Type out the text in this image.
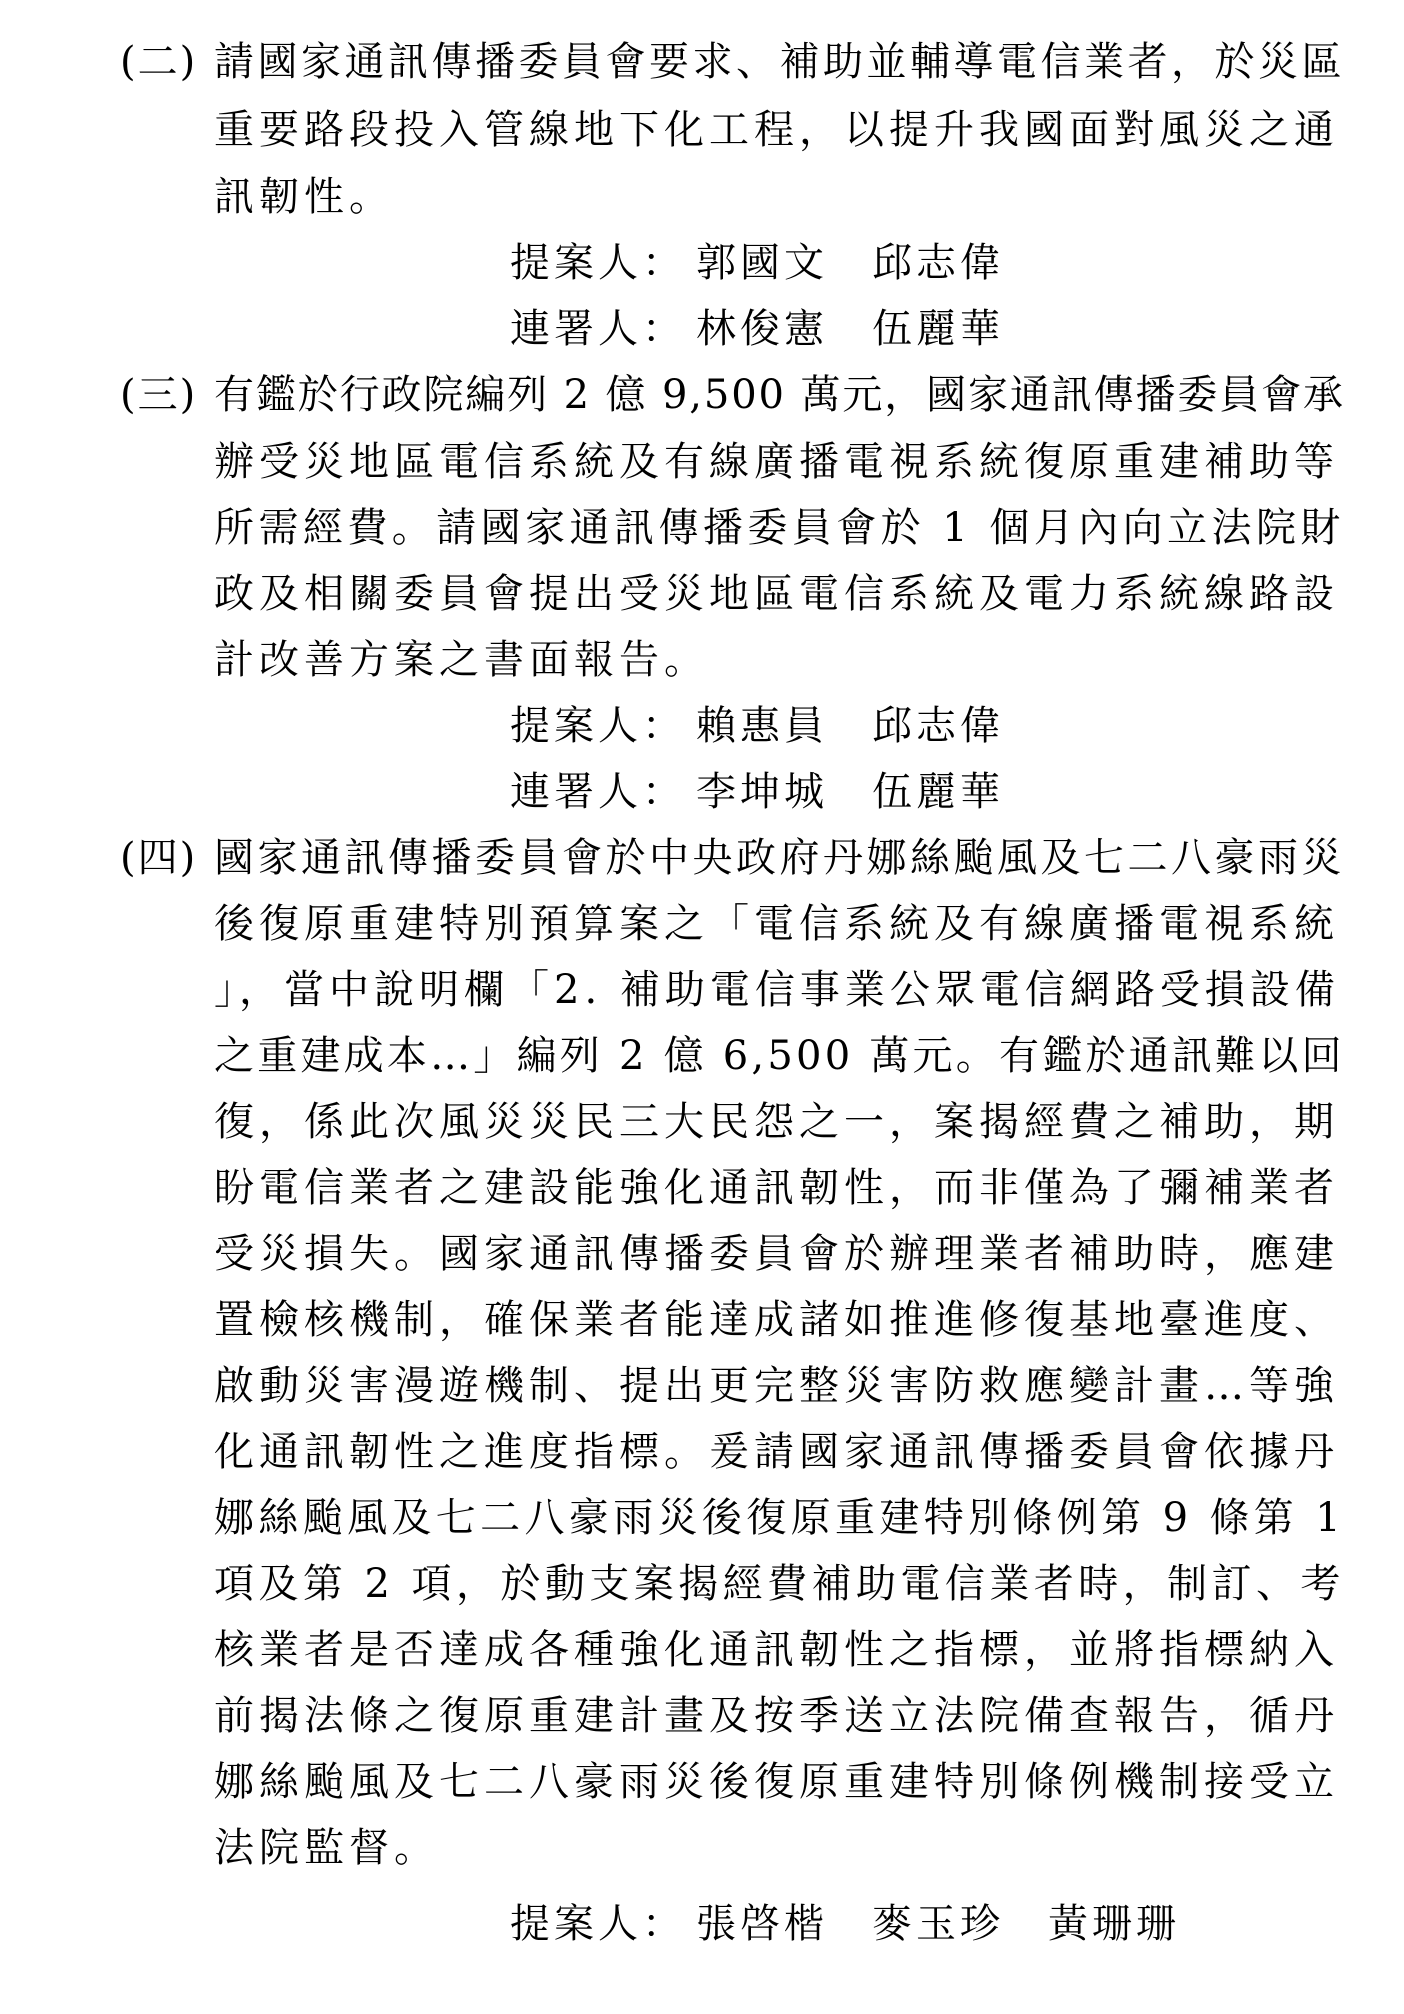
(二) 請國家通訊傳播委員會要求、補助並輔導電信業者，於災區
重要路段投入管線地下化工程，以提升我國面對風災之通
訊韌性。
提案人： 郭國文 邱志偉
連署人： 林俊憲 伍麗華
(三) 有鑑於行政院編列 2 億 9,500 萬元，國家通訊傳播委員會承
辦受災地區電信系統及有線廣播電視系統復原重建補助等
所需經費。請國家通訊傳播委員會於 1 個月內向立法院財
政及相關委員會提出受災地區電信系統及電力系統線路設
計改善方案之書面報告。
提案人： 賴惠員 邱志偉
連署人： 李坤城 伍麗華
(四) 國家通訊傳播委員會於中央政府丹娜絲颱風及七二八豪雨災
後復原重建特別預算案之「電信系統及有線廣播電視系統
」，當中說明欄「2. 補助電信事業公眾電信網路受損設備
之重建成本…」編列 2 億 6,500 萬元。有鑑於通訊難以回
復，係此次風災災民三大民怨之一，案揭經費之補助，期
盼電信業者之建設能強化通訊韌性，而非僅為了彌補業者
受災損失。國家通訊傳播委員會於辦理業者補助時，應建
置檢核機制，確保業者能達成諸如推進修復基地臺進度、
啟動災害漫遊機制、提出更完整災害防救應變計畫…等強
化通訊韌性之進度指標。爰請國家通訊傳播委員會依據丹
娜絲颱風及七二八豪雨災後復原重建特別條例第 9 條第 1
項及第 2 項，於動支案揭經費補助電信業者時，制訂、考
核業者是否達成各種強化通訊韌性之指標，並將指標納入
前揭法條之復原重建計畫及按季送立法院備查報告，循丹
娜絲颱風及七二八豪雨災後復原重建特別條例機制接受立
法院監督。
提案人： 張啓楷 麥玉珍 黃珊珊
